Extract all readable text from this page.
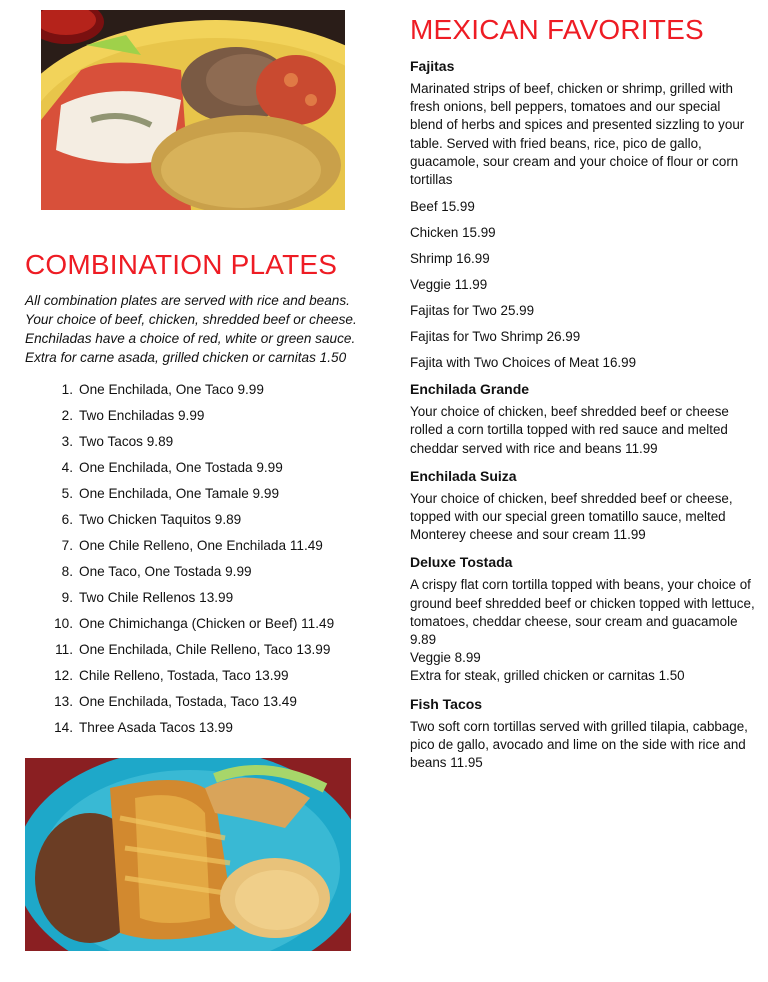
COMBINATION PLATES

All combination plates are served with rice and beans. Your choice of beef, chicken, shredded beef or cheese. Enchiladas have a choice of red, white or green sauce. Extra for carne asada, grilled chicken or carnitas 1.50

1. One Enchilada, One Taco 9.99
2. Two Enchiladas 9.99
3. Two Tacos 9.89
4. One Enchilada, One Tostada 9.99
5. One Enchilada, One Tamale 9.99
6. Two Chicken Taquitos 9.89
7. One Chile Relleno, One Enchilada 11.49
8. One Taco, One Tostada 9.99
9. Two Chile Rellenos 13.99
10. One Chimichanga (Chicken or Beef) 11.49
11. One Enchilada, Chile Relleno, Taco 13.99
12. Chile Relleno, Tostada, Taco 13.99
13. One Enchilada, Tostada, Taco 13.49
14. Three Asada Tacos 13.99
MEXICAN FAVORITES
Fajitas

Marinated strips of beef, chicken or shrimp, grilled with fresh onions, bell peppers, tomatoes and our special blend of herbs and spices and presented sizzling to your table. Served with fried beans, rice, pico de gallo, guacamole, sour cream and your choice of flour or corn tortillas

Beef 15.99
Chicken 15.99
Shrimp 16.99
Veggie 11.99
Fajitas for Two 25.99
Fajitas for Two Shrimp 26.99
Fajita with Two Choices of Meat 16.99
Enchilada Grande

Your choice of chicken, beef shredded beef or cheese rolled a corn tortilla topped with red sauce and melted cheddar served with rice and beans 11.99

Enchilada Suiza

Your choice of chicken, beef shredded beef or cheese, topped with our special green tomatillo sauce, melted Monterey cheese and sour cream 11.99

Deluxe Tostada

A crispy flat corn tortilla topped with beans, your choice of ground beef shredded beef or chicken topped with lettuce, tomatoes, cheddar cheese, sour cream and guacamole 9.89

Veggie 8.99

Extra for steak, grilled chicken or carnitas 1.50

Fish Tacos

Two soft corn tortillas served with grilled tilapia, cabbage, pico de gallo, avocado and lime on the side with rice and beans 11.95
